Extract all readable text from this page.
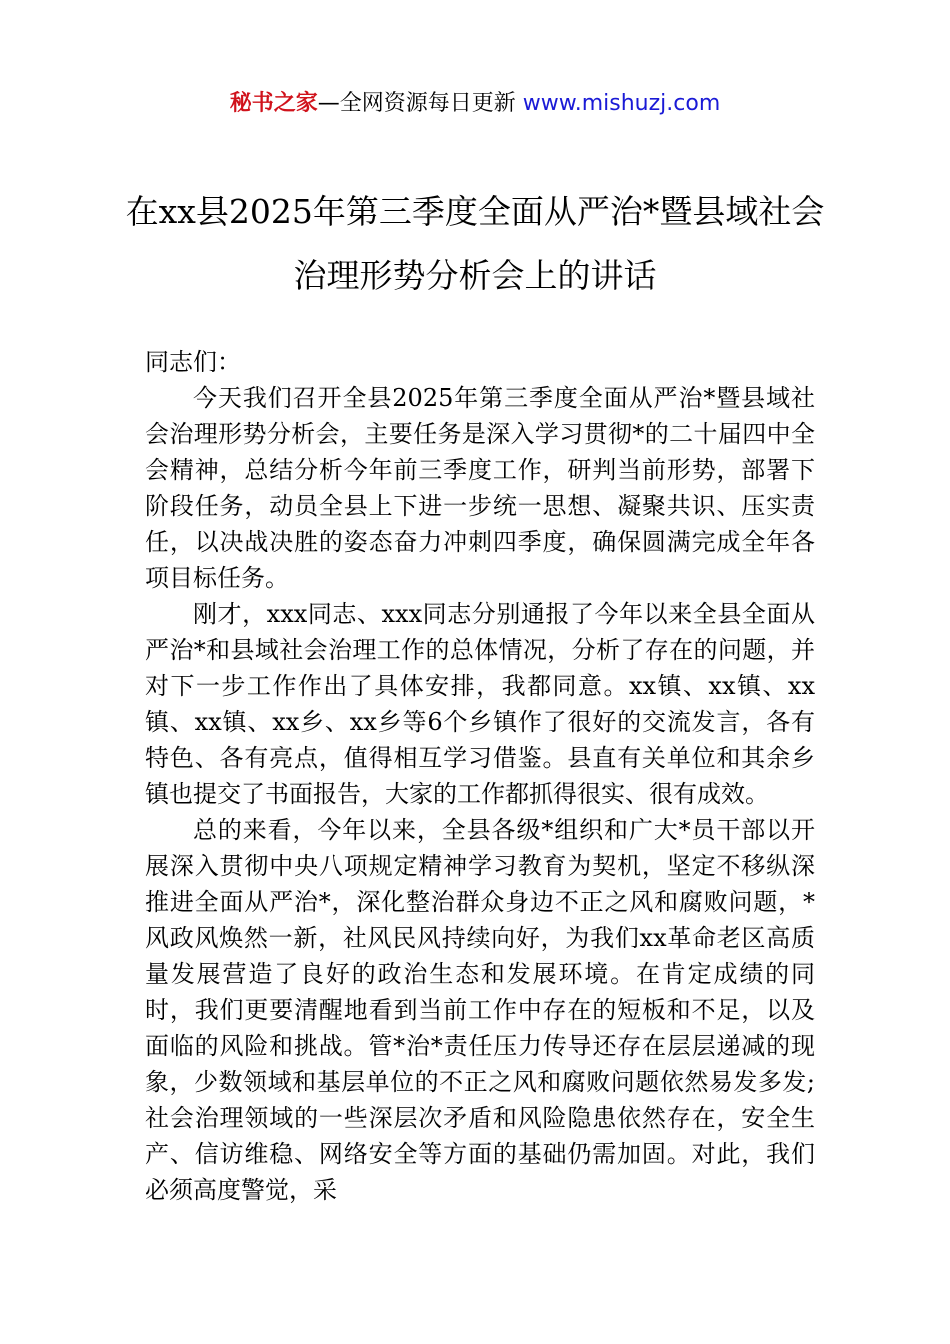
秘书之家—全网资源每日更新 www.mishuzj.com
在xx县2025年第三季度全面从严治*暨县域社会治理形势分析会上的讲话

同志们：

今天我们召开全县2025年第三季度全面从严治*暨县域社会治理形势分析会，主要任务是深入学习贯彻*的二十届四中全会精神，总结分析今年前三季度工作，研判当前形势，部署下阶段任务，动员全县上下进一步统一思想、凝聚共识、压实责任，以决战决胜的姿态奋力冲刺四季度，确保圆满完成全年各项目标任务。

刚才，xxx同志、xxx同志分别通报了今年以来全县全面从严治*和县域社会治理工作的总体情况，分析了存在的问题，并对下一步工作作出了具体安排，我都同意。xx镇、xx镇、xx镇、xx镇、xx乡、xx乡等6个乡镇作了很好的交流发言，各有特色、各有亮点，值得相互学习借鉴。县直有关单位和其余乡镇也提交了书面报告，大家的工作都抓得很实、很有成效。

总的来看，今年以来，全县各级*组织和广大*员干部以开展深入贯彻中央八项规定精神学习教育为契机，坚定不移纵深推进全面从严治*，深化整治群众身边不正之风和腐败问题，*风政风焕然一新，社风民风持续向好，为我们xx革命老区高质量发展营造了良好的政治生态和发展环境。在肯定成绩的同时，我们更要清醒地看到当前工作中存在的短板和不足，以及面临的风险和挑战。管*治*责任压力传导还存在层层递减的现象，少数领域和基层单位的不正之风和腐败问题依然易发多发;社会治理领域的一些深层次矛盾和风险隐患依然存在，安全生产、信访维稳、网络安全等方面的基础仍需加固。对此，我们必须高度警觉，采
